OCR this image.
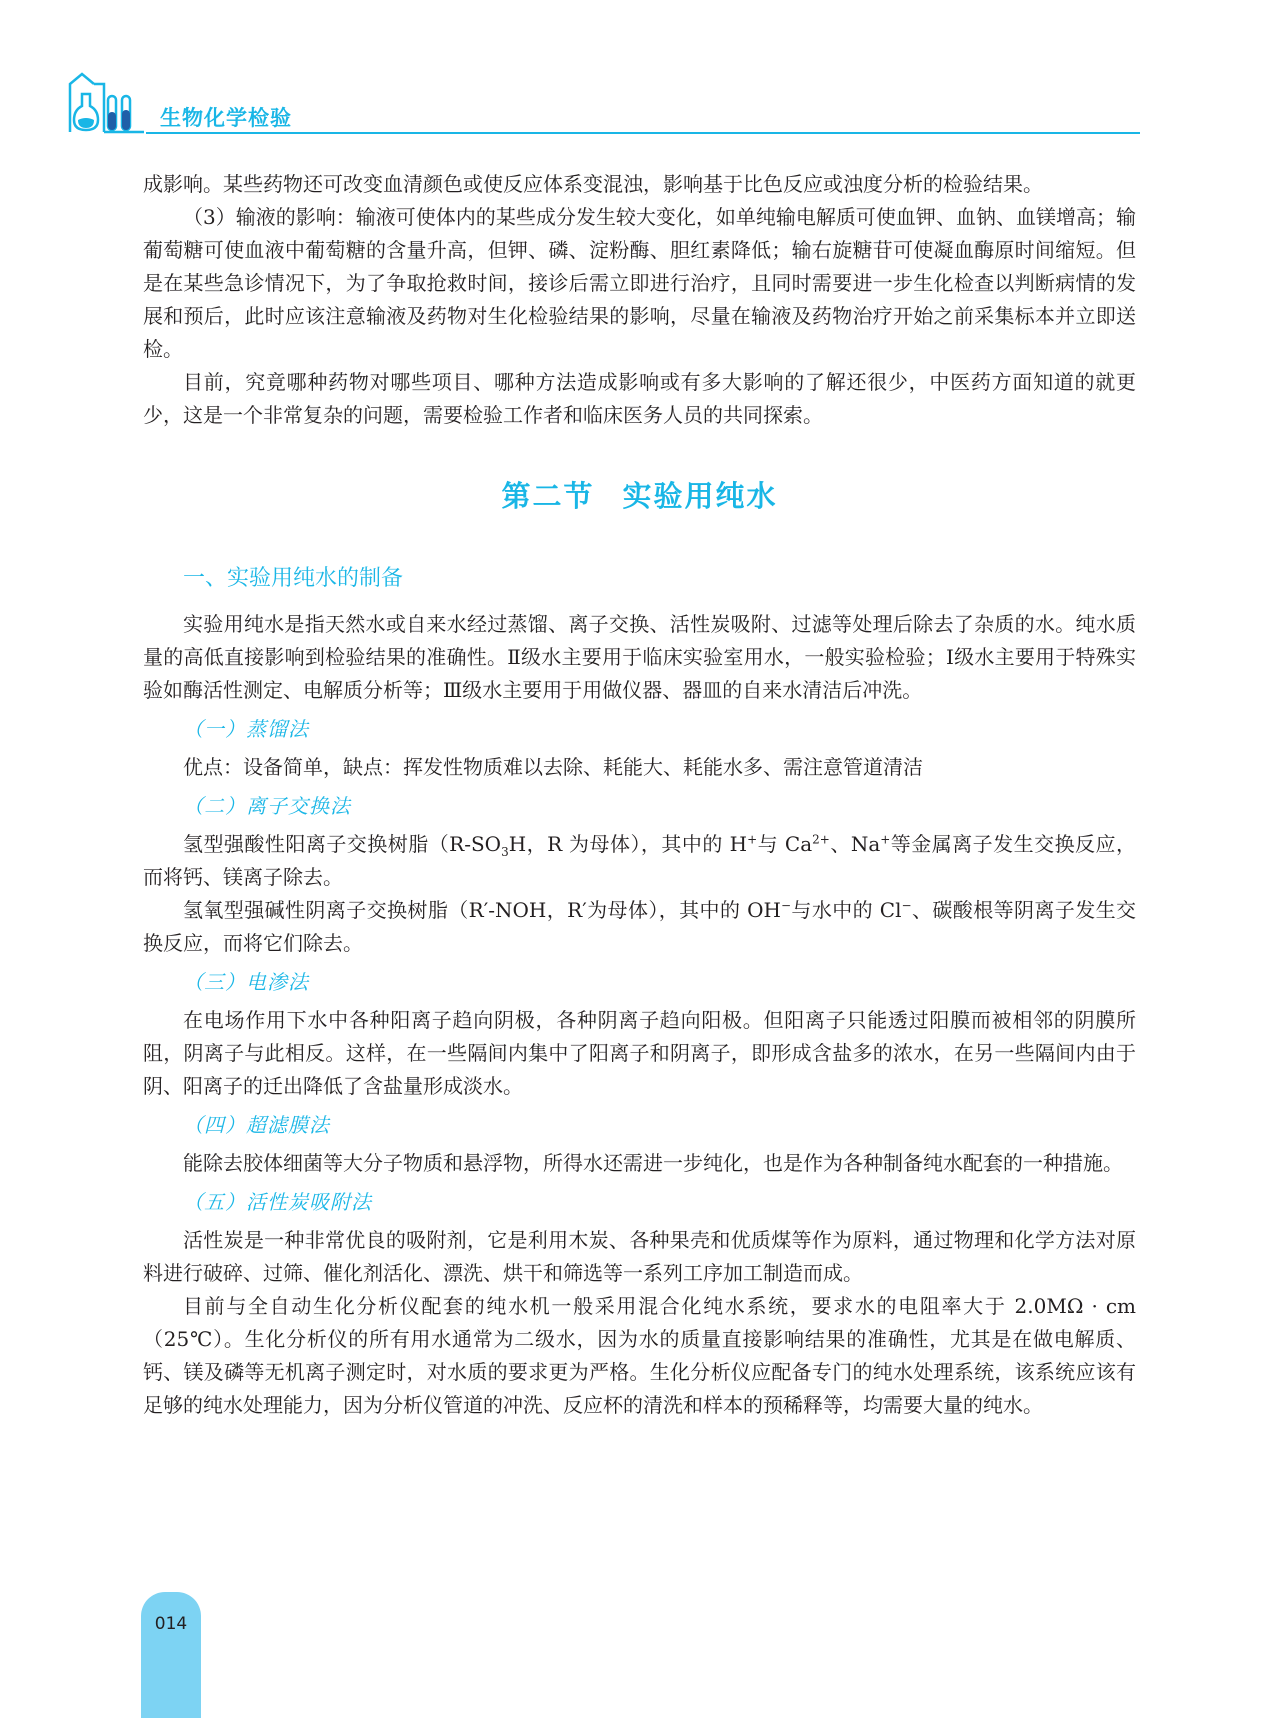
生物化学检验

成影响。某些药物还可改变血清颜色或使反应体系变混浊，影响基于比色反应或浊度分析的检验结果。

（3）输液的影响：输液可使体内的某些成分发生较大变化，如单纯输电解质可使血钾、血钠、血镁增高；输葡萄糖可使血液中葡萄糖的含量升高，但钾、磷、淀粉酶、胆红素降低；输右旋糖苷可使凝血酶原时间缩短。但是在某些急诊情况下，为了争取抢救时间，接诊后需立即进行治疗，且同时需要进一步生化检查以判断病情的发展和预后，此时应该注意输液及药物对生化检验结果的影响，尽量在输液及药物治疗开始之前采集标本并立即送检。

目前，究竟哪种药物对哪些项目、哪种方法造成影响或有多大影响的了解还很少，中医药方面知道的就更少，这是一个非常复杂的问题，需要检验工作者和临床医务人员的共同探索。

第二节 实验用纯水
一、实验用纯水的制备

实验用纯水是指天然水或自来水经过蒸馏、离子交换、活性炭吸附、过滤等处理后除去了杂质的水。纯水质量的高低直接影响到检验结果的准确性。Ⅱ级水主要用于临床实验室用水，一般实验检验；Ⅰ级水主要用于特殊实验如酶活性测定、电解质分析等；Ⅲ级水主要用于用做仪器、器皿的自来水清洁后冲洗。

（一）蒸馏法

优点：设备简单，缺点：挥发性物质难以去除、耗能大、耗能水多、需注意管道清洁

（二）离子交换法

氢型强酸性阳离子交换树脂（$R-SO_3H$，R 为母体），其中的 H+与 $Ca^{2+}$、Na+等金属离子发生交换反应，而将钙、镁离子除去。

氢氧型强碱性阴离子交换树脂（R′-NOH，R′为母体），其中的 OH−与水中的 Cl−、碳酸根等阴离子发生交换反应，而将它们除去。

（三）电渗法

在电场作用下水中各种阳离子趋向阴极，各种阴离子趋向阳极。但阳离子只能透过阳膜而被相邻的阴膜所阻，阴离子与此相反。这样，在一些隔间内集中了阳离子和阴离子，即形成含盐多的浓水，在另一些隔间内由于阴、阳离子的迁出降低了含盐量形成淡水。

（四）超滤膜法

能除去胶体细菌等大分子物质和悬浮物，所得水还需进一步纯化，也是作为各种制备纯水配套的一种措施。

（五）活性炭吸附法

活性炭是一种非常优良的吸附剂，它是利用木炭、各种果壳和优质煤等作为原料，通过物理和化学方法对原料进行破碎、过筛、催化剂活化、漂洗、烘干和筛选等一系列工序加工制造而成。

目前与全自动生化分析仪配套的纯水机一般采用混合化纯水系统，要求水的电阻率大于 2.0MΩ · cm（25℃）。生化分析仪的所有用水通常为二级水，因为水的质量直接影响结果的准确性，尤其是在做电解质、钙、镁及磷等无机离子测定时，对水质的要求更为严格。生化分析仪应配备专门的纯水处理系统，该系统应该有足够的纯水处理能力，因为分析仪管道的冲洗、反应杯的清洗和样本的预稀释等，均需要大量的纯水。

014
